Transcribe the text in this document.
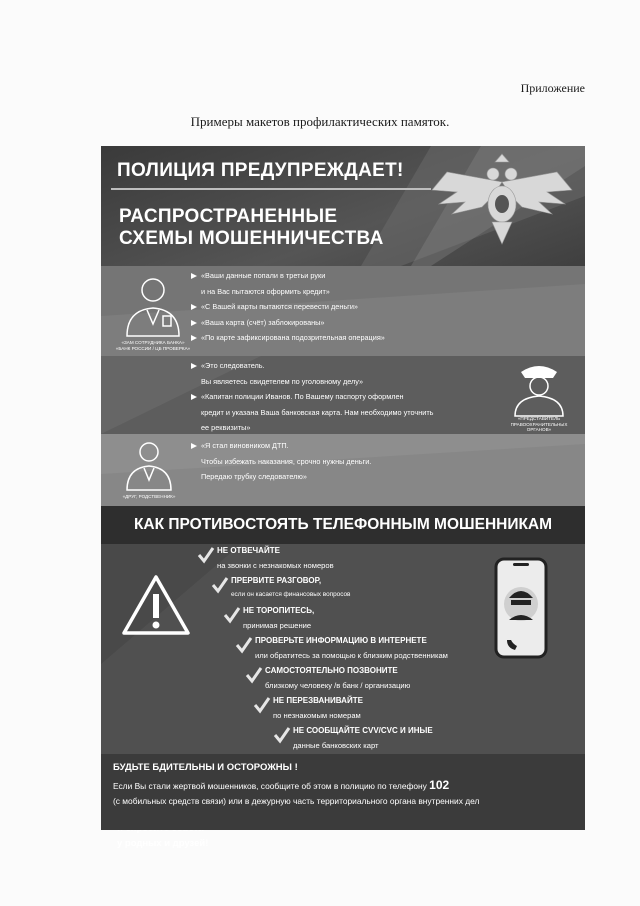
Приложение
Примеры макетов профилактических памяток.
ПОЛИЦИЯ ПРЕДУПРЕЖДАЕТ!
РАСПРОСТРАНЕННЫЕ
СХЕМЫ МОШЕННИЧЕСТВА
«ЗАМ СОТРУДНИКА БАНКА»
«БАНК РОССИИ / ЦБ ПРОВЕРКА»
«Ваши данные попали в третьи руки
и на Вас пытаются оформить кредит»
«С Вашей карты пытаются перевести деньги»
«Ваша карта (счёт) заблокированы»
«По карте зафиксирована подозрительная операция»
«Это следователь.
Вы являетесь свидетелем по уголовному делу»
«Капитан полиции Иванов. По Вашему паспорту оформлен
кредит и указана Ваша банковская карта. Нам необходимо уточнить
ее реквизиты»
«ПРЕДСТАВИТЕЛЬ
ПРАВООХРАНИТЕЛЬНЫХ
ОРГАНОВ»
«ДРУГ, РОДСТВЕННИК»
«Я стал виновником ДТП.
Чтобы избежать наказания, срочно нужны деньги.
Передаю трубку следователю»
КАК ПРОТИВОСТОЯТЬ ТЕЛЕФОННЫМ МОШЕННИКАМ
у родных и друзей!
НЕ ОТВЕЧАЙТЕ
на звонки с незнакомых номеров
ПРЕРВИТЕ РАЗГОВОР,
если он касается финансовых вопросов
НЕ ТОРОПИТЕСЬ,
принимая решение
ПРОВЕРЬТЕ ИНФОРМАЦИЮ В ИНТЕРНЕТЕ
или обратитесь за помощью к близким родственникам
САМОСТОЯТЕЛЬНО ПОЗВОНИТЕ
близкому человеку /в банк / организацию
НЕ ПЕРЕЗВАНИВАЙТЕ
по незнакомым номерам
НЕ СООБЩАЙТЕ CVV/CVC И ИНЫЕ
данные банковских карт
БУДЬТЕ БДИТЕЛЬНЫ И ОСТОРОЖНЫ !
Если Вы стали жертвой мошенников, сообщите об этом в полицию по телефону 102
(с мобильных средств связи) или в дежурную часть территориального органа внутренних дел
